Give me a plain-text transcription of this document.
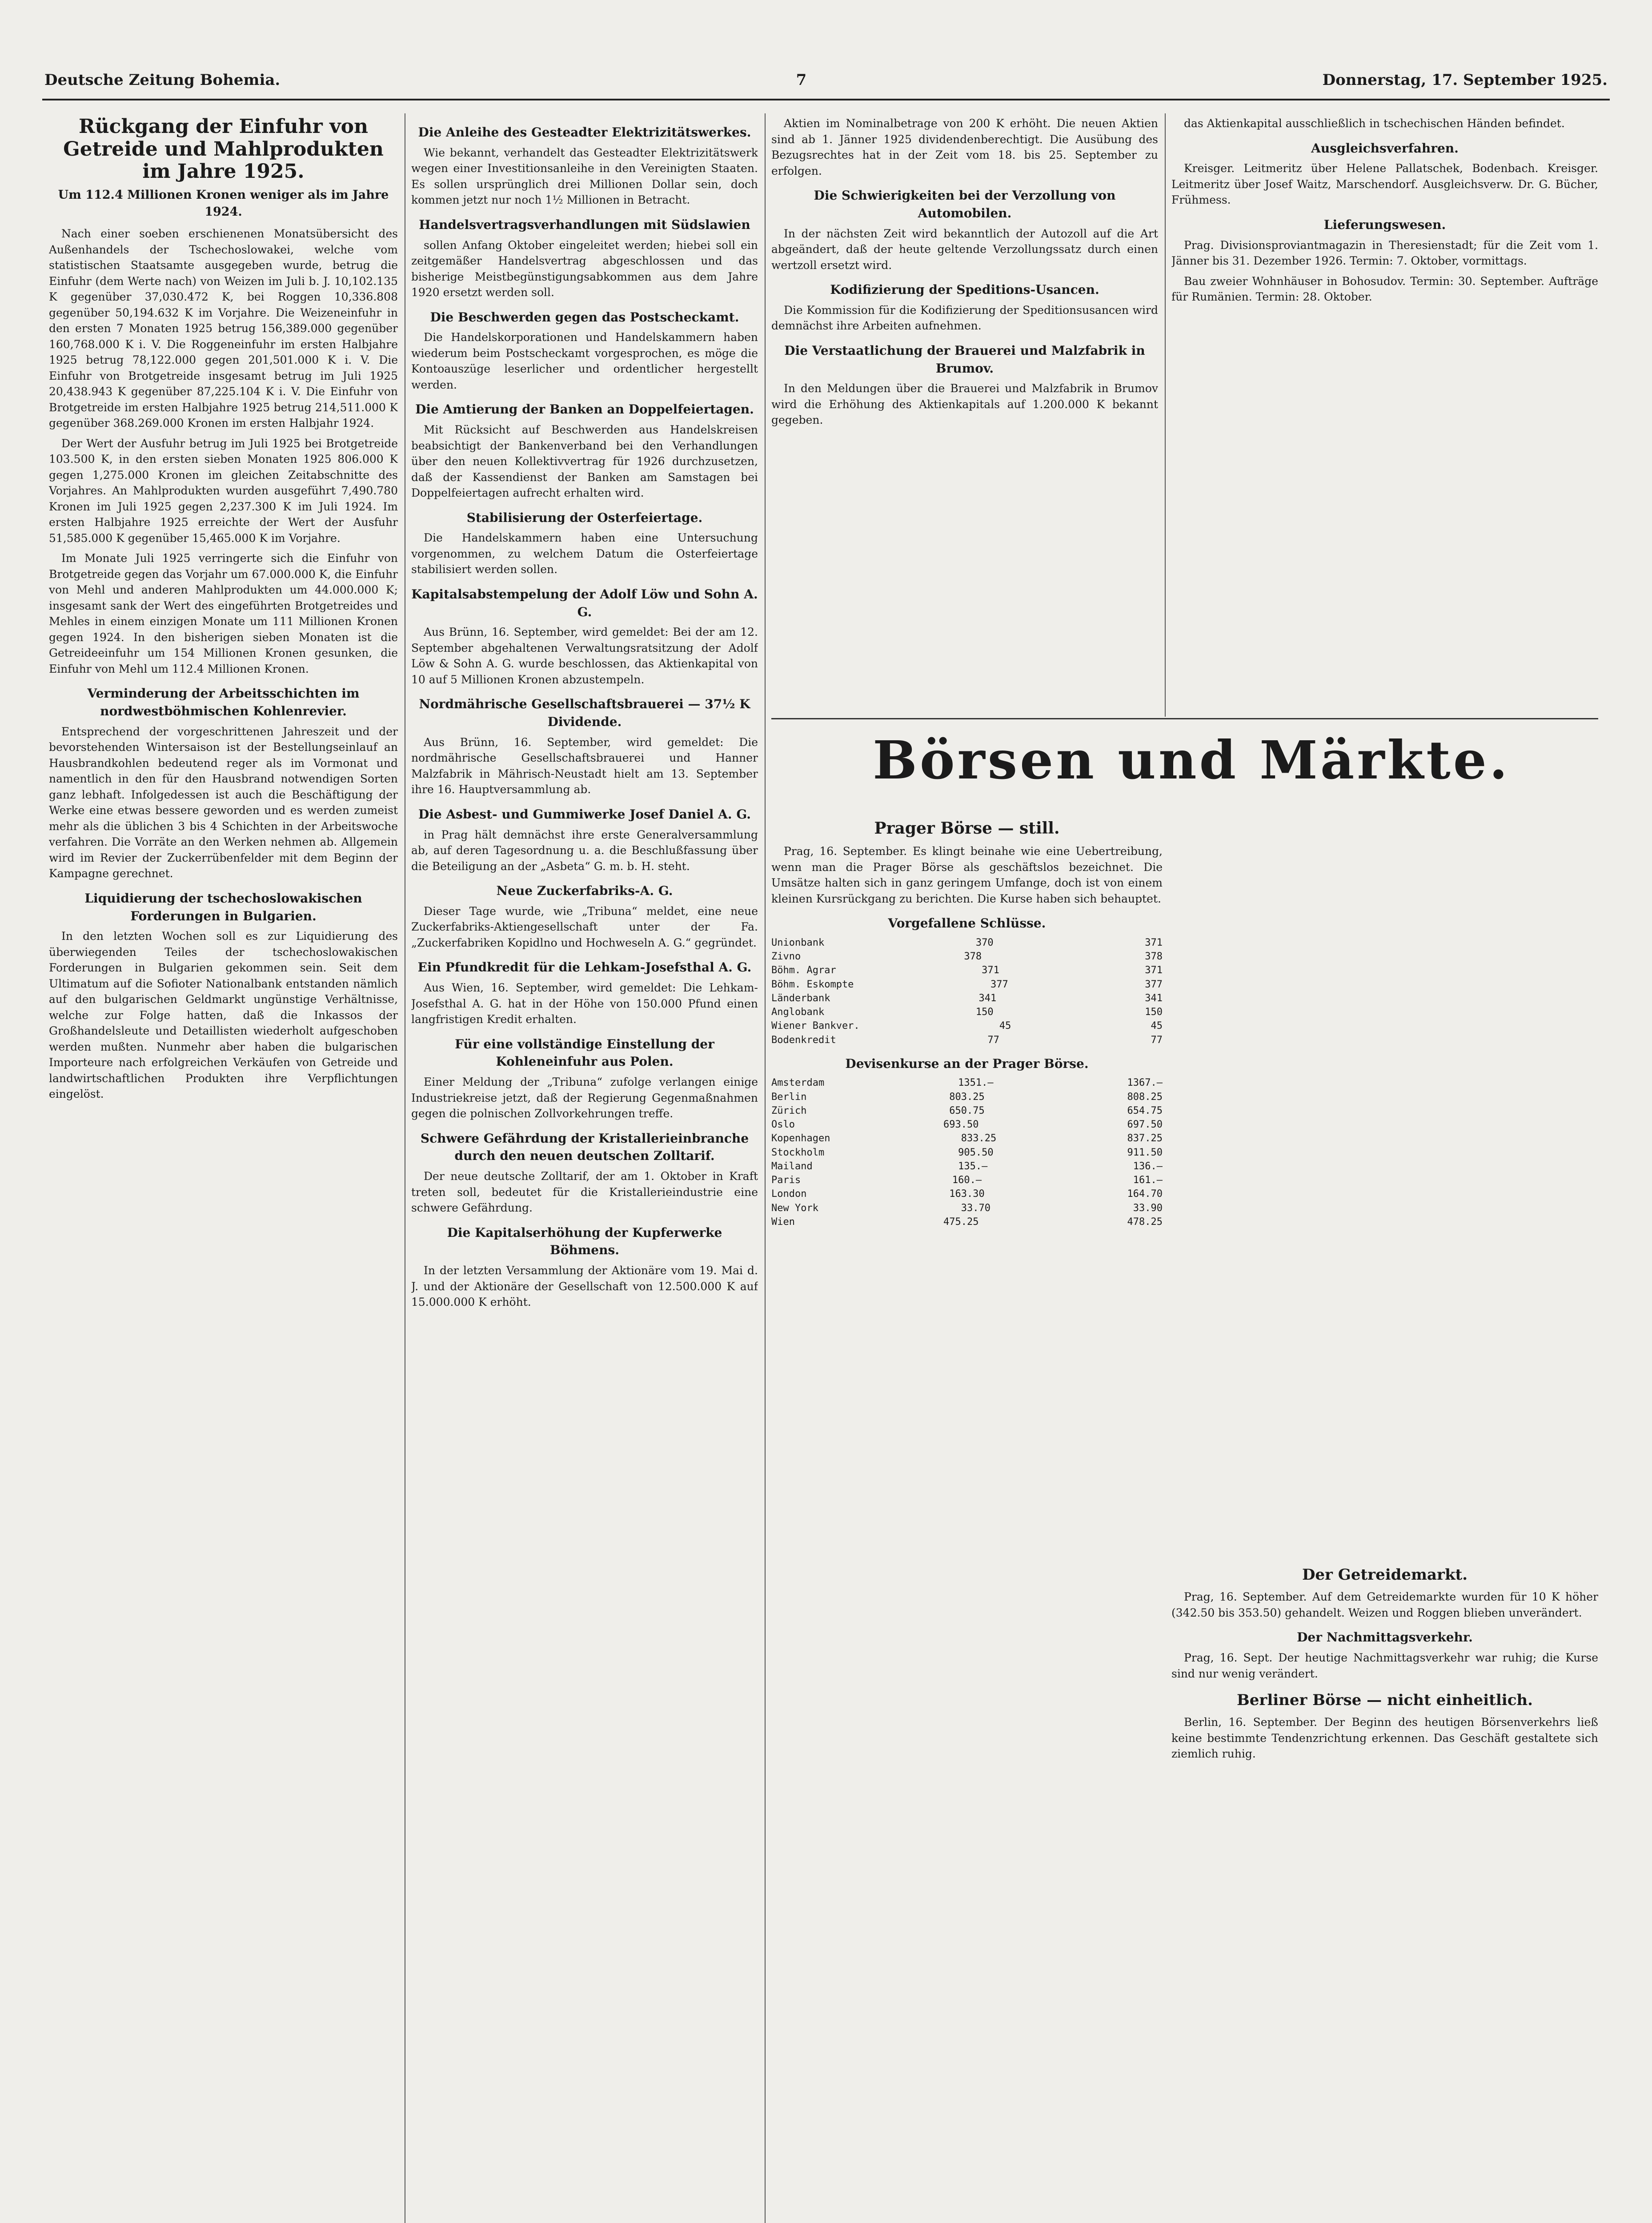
Deutsche Zeitung Bohemia.	7	Donnerstag, 17. September 1925.
Rückgang der Einfuhr von Getreide und Mahlprodukten im Jahre 1925.
Um 112.4 Millionen Kronen weniger als im Jahre 1924.

Nach einer soeben erschienenen Monatsübersicht des Außenhandels der Tschechoslowakei, welche vom statistischen Staatsamte ausgegeben wurde, betrug die Einfuhr (dem Werte nach) von Weizen im Juli b. J. 10,102.135 K gegenüber 37,030.472 K, bei Roggen 10,336.808 gegenüber 50,194.632 K im Vorjahre. Die Weizeneinfuhr in den ersten 7 Monaten 1925 betrug 156,389.000 gegenüber 160,768.000 K i. V. Die Roggeneinfuhr im ersten Halbjahre 1925 betrug 78,122.000 gegen 201,501.000 K i. V. Die Einfuhr von Brotgetreide insgesamt betrug im Juli 1925 20,438.943 K gegenüber 87,225.104 K i. V. Die Einfuhr von Brotgetreide im ersten Halbjahre 1925 betrug 214,511.000 K gegenüber 368.269.000 Kronen im ersten Halbjahr 1924.

Der Wert der Ausfuhr betrug im Juli 1925 bei Brotgetreide 103.500 K, in den ersten sieben Monaten 1925 806.000 K gegen 1,275.000 Kronen im gleichen Zeitabschnitte des Vorjahres. An Mahlprodukten wurden ausgeführt 7,490.780 Kronen im Juli 1925 gegen 2,237.300 K im Juli 1924. Im ersten Halbjahre 1925 erreichte der Wert der Ausfuhr 51,585.000 K gegenüber 15,465.000 K im Vorjahre.

Im Monate Juli 1925 verringerte sich die Einfuhr von Brotgetreide gegen das Vorjahr um 67.000.000 K, die Einfuhr von Mehl und anderen Mahlprodukten um 44.000.000 K; insgesamt sank der Wert des eingeführten Brotgetreides und Mehles in einem einzigen Monate um 111 Millionen Kronen gegen 1924. In den bisherigen sieben Monaten ist die Getreideeinfuhr um 154 Millionen Kronen gesunken, die Einfuhr von Mehl um 112.4 Millionen Kronen.

Verminderung der Arbeitsschichten im nordwestböhmischen Kohlenrevier.

Entsprechend der vorgeschrittenen Jahreszeit und der bevorstehenden Wintersaison ist der Bestellungseinlauf an Hausbrandkohlen bedeutend reger als im Vormonat und namentlich in den für den Hausbrand notwendigen Sorten ganz lebhaft. Infolgedessen ist auch die Beschäftigung der Werke eine etwas bessere geworden und es werden zumeist mehr als die üblichen 3 bis 4 Schichten in der Arbeitswoche verfahren. Die Vorräte an den Werken nehmen ab. Allgemein wird im Revier der Zuckerrübenfelder mit dem Beginn der Kampagne gerechnet.

Liquidierung der tschechoslowakischen Forderungen in Bulgarien.

In den letzten Wochen soll es zur Liquidierung des überwiegenden Teiles der tschechoslowakischen Forderungen in Bulgarien gekommen sein. Seit dem Ultimatum auf die Sofioter Nationalbank entstanden nämlich auf den bulgarischen Geldmarkt ungünstige Verhältnisse, welche zur Folge hatten, daß die Inkassos der Großhandelsleute und Detaillisten wiederholt aufgeschoben werden mußten. Nunmehr aber haben die bulgarischen Importeure nach erfolgreichen Verkäufen von Getreide und landwirtschaftlichen Produkten ihre Verpflichtungen eingelöst.

Die Anleihe des Gesteadter Elektrizitätswerkes.

Wie bekannt, verhandelt das Gesteadter Elektrizitätswerk wegen einer Investitionsanleihe in den Vereinigten Staaten. Es sollen ursprünglich drei Millionen Dollar sein, doch kommen jetzt nur noch 1½ Millionen in Betracht.

Handelsvertragsverhandlungen mit Südslawien

sollen Anfang Oktober eingeleitet werden; hiebei soll ein zeitgemäßer Handelsvertrag abgeschlossen und das bisherige Meistbegünstigungsabkommen aus dem Jahre 1920 ersetzt werden soll.

Die Beschwerden gegen das Postscheckamt.

Die Handelskorporationen und Handelskammern haben wiederum beim Postscheckamt vorgesprochen, es möge die Kontoauszüge leserlicher und ordentlicher hergestellt werden.

Die Amtierung der Banken an Doppelfeiertagen.

Mit Rücksicht auf Beschwerden aus Handelskreisen beabsichtigt der Bankenverband bei den Verhandlungen über den neuen Kollektivvertrag für 1926 durchzusetzen, daß der Kassendienst der Banken am Samstagen bei Doppelfeiertagen aufrecht erhalten wird.

Stabilisierung der Osterfeiertage.

Die Handelskammern haben eine Untersuchung vorgenommen, zu welchem Datum die Osterfeiertage stabilisiert werden sollen.

Kapitalsabstempelung der Adolf Löw und Sohn A. G.

Aus Brünn, 16. September, wird gemeldet: Bei der am 12. September abgehaltenen Verwaltungsratsitzung der Adolf Löw & Sohn A. G. wurde beschlossen, das Aktienkapital von 10 auf 5 Millionen Kronen abzustempeln.

Nordmährische Gesellschaftsbrauerei — 37½ K Dividende.

Aus Brünn, 16. September, wird gemeldet: Die nordmährische Gesellschaftsbrauerei und Hanner Malzfabrik in Mährisch-Neustadt hielt am 13. September ihre 16. Hauptversammlung ab.

Die Asbest- und Gummiwerke Josef Daniel A. G.

in Prag hält demnächst ihre erste Generalversammlung ab, auf deren Tagesordnung u. a. die Beschlußfassung über die Beteiligung an der „Asbeta“ G. m. b. H. steht.

Neue Zuckerfabriks-A. G.

Dieser Tage wurde, wie „Tribuna“ meldet, eine neue Zuckerfabriks-Aktiengesellschaft unter der Fa. „Zuckerfabriken Kopidlno und Hochweseln A. G.“ gegründet.

Ein Pfundkredit für die Lehkam-Josefsthal A. G.

Aus Wien, 16. September, wird gemeldet: Die Lehkam-Josefsthal A. G. hat in der Höhe von 150.000 Pfund einen langfristigen Kredit erhalten.

Für eine vollständige Einstellung der Kohleneinfuhr aus Polen.

Einer Meldung der „Tribuna“ zufolge verlangen einige Industriekreise jetzt, daß der Regierung Gegenmaßnahmen gegen die polnischen Zollvorkehrungen treffe.

Schwere Gefährdung der Kristallerieinbranche durch den neuen deutschen Zolltarif.

Der neue deutsche Zolltarif, der am 1. Oktober in Kraft treten soll, bedeutet für die Kristallerieindustrie eine schwere Gefährdung.

Die Kapitalserhöhung der Kupferwerke Böhmens.

In der letzten Versammlung der Aktionäre vom 19. Mai d. J. und der Aktionäre der Gesellschaft von 12.500.000 K auf 15.000.000 K erhöht.

Aktien im Nominalbetrage von 200 K erhöht. Die neuen Aktien sind ab 1. Jänner 1925 dividendenberechtigt. Die Ausübung des Bezugsrechtes hat in der Zeit vom 18. bis 25. September zu erfolgen.

Die Schwierigkeiten bei der Verzollung von Automobilen.

In der nächsten Zeit wird bekanntlich der Autozoll auf die Art abgeändert, daß der heute geltende Verzollungssatz durch einen wertzoll ersetzt wird.

Kodifizierung der Speditions-Usancen.

Die Kommission für die Kodifizierung der Speditionsusancen wird demnächst ihre Arbeiten aufnehmen.

Die Verstaatlichung der Brauerei und Malzfabrik in Brumov.

In den Meldungen über die Brauerei und Malzfabrik in Brumov wird die Erhöhung des Aktienkapitals auf 1.200.000 K bekannt gegeben.

das Aktienkapital ausschließlich in tschechischen Händen befindet.

Ausgleichsverfahren.

Kreisger. Leitmeritz über Helene Pallatschek, Bodenbach. Kreisger. Leitmeritz über Josef Waitz, Marschendorf. Ausgleichsverw. Dr. G. Bücher, Frühmess.

Lieferungswesen.

Prag. Divisionsproviantmagazin in Theresienstadt; für die Zeit vom 1. Jänner bis 31. Dezember 1926. Termin: 7. Oktober, vormittags.

Bau zweier Wohnhäuser in Bohosudov. Termin: 30. September. Aufträge für Rumänien. Termin: 28. Oktober.

Börsen und Märkte.
Prager Börse — still.

Prag, 16. September. Es klingt beinahe wie eine Uebertreibung, wenn man die Prager Börse als geschäftslos bezeichnet. Die Umsätze halten sich in ganz geringem Umfange, doch ist von einem kleinen Kursrückgang zu berichten. Die Kurse haben sich behauptet.

Vorgefallene Schlüsse.
Unionbank	370	371
Zivno	378	378
Böhm. Agrar	371	371
Böhm. Eskompte	377	377
Länderbank	341	341
Anglobank	150	150
Wiener Bankver.	45	45
Bodenkredit	77	77
Devisenkurse an der Prager Börse.
Amsterdam	1351.—	1367.—
Berlin	803.25	808.25
Zürich	650.75	654.75
Oslo	693.50	697.50
Kopenhagen	833.25	837.25
Stockholm	905.50	911.50
Mailand	135.—	136.—
Paris	160.—	161.—
London	163.30	164.70
New York	33.70	33.90
Wien	475.25	478.25
Der Getreidemarkt.

Prag, 16. September. Auf dem Getreidemarkte wurden für 10 K höher (342.50 bis 353.50) gehandelt. Weizen und Roggen blieben unverändert.

Der Nachmittagsverkehr.

Prag, 16. Sept. Der heutige Nachmittagsverkehr war ruhig; die Kurse sind nur wenig verändert.

Berliner Börse — nicht einheitlich.

Berlin, 16. September. Der Beginn des heutigen Börsenverkehrs ließ keine bestimmte Tendenzrichtung erkennen. Das Geschäft gestaltete sich ziemlich ruhig.
